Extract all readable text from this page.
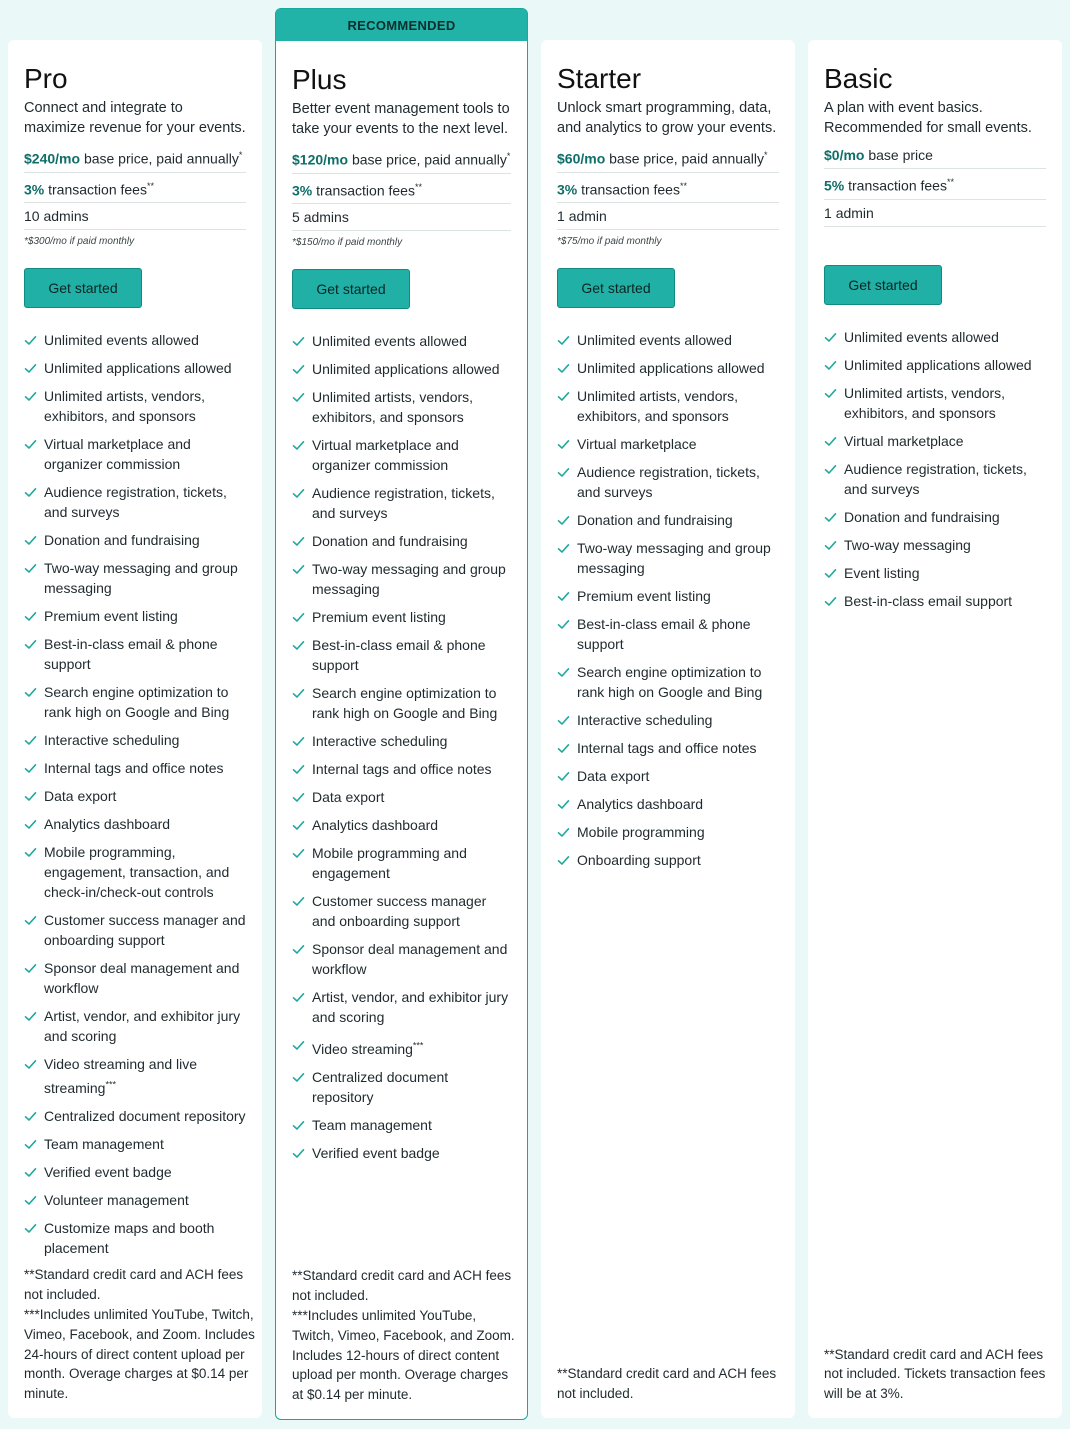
Pro
Connect and integrate to maximize revenue for your events.
$240/mo base price, paid annually*
3% transaction fees**
10 admins
*$300/mo if paid monthly
Get started
Unlimited events allowed
Unlimited applications allowed
Unlimited artists, vendors, exhibitors, and sponsors
Virtual marketplace and organizer commission
Audience registration, tickets, and surveys
Donation and fundraising
Two-way messaging and group messaging
Premium event listing
Best-in-class email & phone support
Search engine optimization to rank high on Google and Bing
Interactive scheduling
Internal tags and office notes
Data export
Analytics dashboard
Mobile programming, engagement, transaction, and check-in/check-out controls
Customer success manager and onboarding support
Sponsor deal management and workflow
Artist, vendor, and exhibitor jury and scoring
Video streaming and live streaming***
Centralized document repository
Team management
Verified event badge
Volunteer management
Customize maps and booth placement
**Standard credit card and ACH fees not included.
***Includes unlimited YouTube, Twitch, Vimeo, Facebook, and Zoom. Includes 24-hours of direct content upload per month. Overage charges at $0.14 per minute.
RECOMMENDED
Plus
Better event management tools to take your events to the next level.
$120/mo base price, paid annually*
3% transaction fees**
5 admins
*$150/mo if paid monthly
Get started
Unlimited events allowed
Unlimited applications allowed
Unlimited artists, vendors, exhibitors, and sponsors
Virtual marketplace and organizer commission
Audience registration, tickets, and surveys
Donation and fundraising
Two-way messaging and group messaging
Premium event listing
Best-in-class email & phone support
Search engine optimization to rank high on Google and Bing
Interactive scheduling
Internal tags and office notes
Data export
Analytics dashboard
Mobile programming and engagement
Customer success manager and onboarding support
Sponsor deal management and workflow
Artist, vendor, and exhibitor jury and scoring
Video streaming***
Centralized document repository
Team management
Verified event badge
**Standard credit card and ACH fees not included.
***Includes unlimited YouTube, Twitch, Vimeo, Facebook, and Zoom. Includes 12-hours of direct content upload per month. Overage charges at $0.14 per minute.
Starter
Unlock smart programming, data, and analytics to grow your events.
$60/mo base price, paid annually*
3% transaction fees**
1 admin
*$75/mo if paid monthly
Get started
Unlimited events allowed
Unlimited applications allowed
Unlimited artists, vendors, exhibitors, and sponsors
Virtual marketplace
Audience registration, tickets, and surveys
Donation and fundraising
Two-way messaging and group messaging
Premium event listing
Best-in-class email & phone support
Search engine optimization to rank high on Google and Bing
Interactive scheduling
Internal tags and office notes
Data export
Analytics dashboard
Mobile programming
Onboarding support
**Standard credit card and ACH fees not included.
Basic
A plan with event basics. Recommended for small events.
$0/mo base price
5% transaction fees**
1 admin
Get started
Unlimited events allowed
Unlimited applications allowed
Unlimited artists, vendors, exhibitors, and sponsors
Virtual marketplace
Audience registration, tickets, and surveys
Donation and fundraising
Two-way messaging
Event listing
Best-in-class email support
**Standard credit card and ACH fees not included. Tickets transaction fees will be at 3%.
